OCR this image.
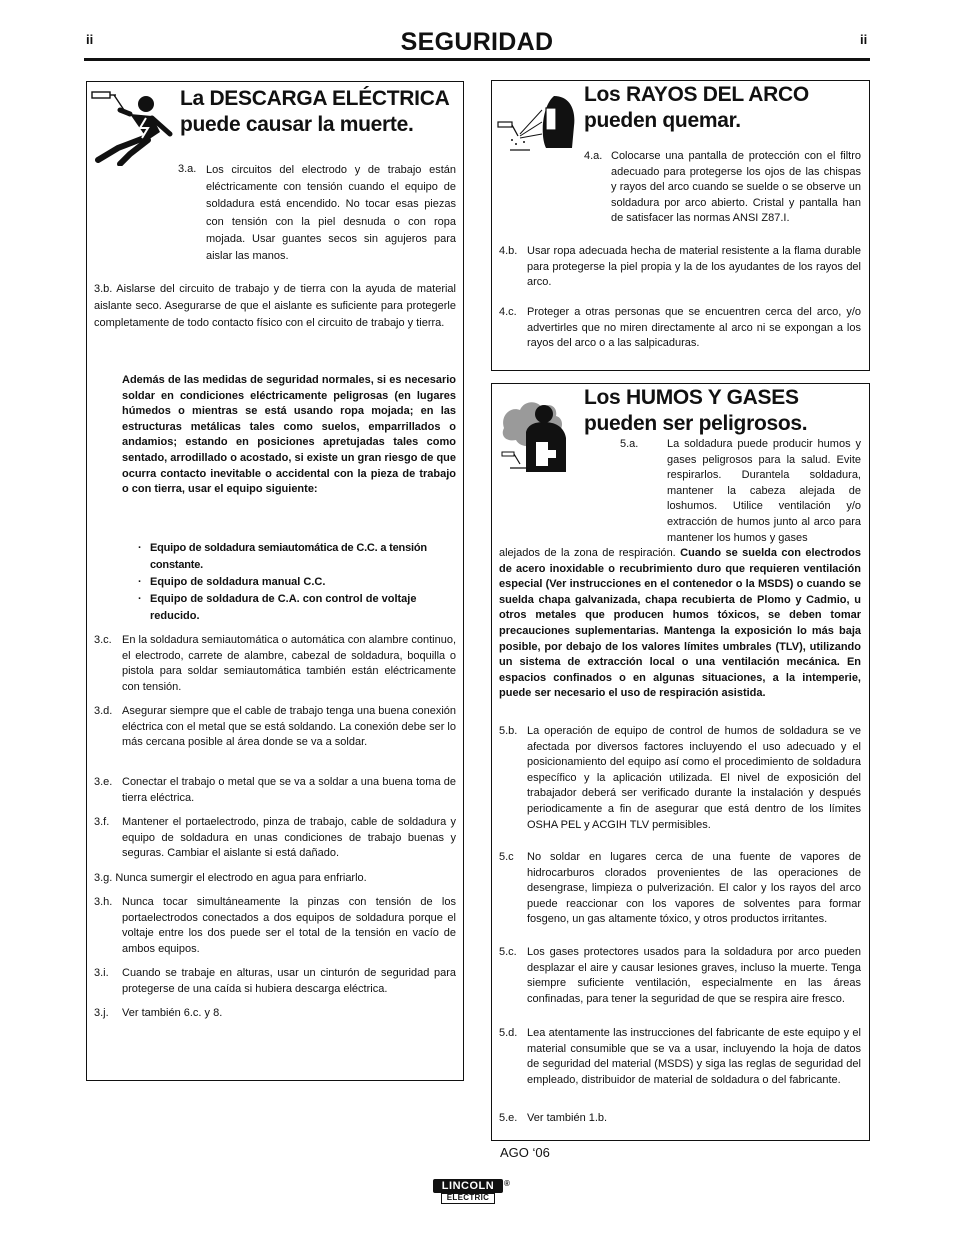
ii	ii
SEGURIDAD
La DESCARGA ELÉCTRICA
puede causar la muerte.
3.a. Los circuitos del electrodo y de trabajo están eléctricamente con tensión cuando el equipo de soldadura está encendido. No tocar esas piezas con tensión con la piel desnuda o con ropa mojada. Usar guantes secos sin agujeros para aislar las manos.
3.b. Aislarse del circuito de trabajo y de tierra con la ayuda de material aislante seco. Asegurarse de que el aislante es suficiente para protegerle completamente de todo contacto físico con el circuito de trabajo y tierra.
Además de las medidas de seguridad normales, si es necesario soldar en condiciones eléctricamente peligrosas (en lugares húmedos o mientras se está usando ropa mojada; en las estructuras metálicas tales como suelos, emparrillados o andamios; estando en posiciones apretujadas tales como sentado, arrodillado o acostado, si existe un gran riesgo de que ocurra contacto inevitable o accidental con la pieza de trabajo o con tierra, usar el equipo siguiente:
· Equipo de soldadura semiautomática de C.C. a tensión constante.
· Equipo de soldadura manual C.C.
· Equipo de soldadura de C.A. con control de voltaje reducido.
3.c. En la soldadura semiautomática o automática con alambre continuo, el electrodo, carrete de alambre, cabezal de soldadura, boquilla o pistola para soldar semiautomática también están eléctricamente con tensión.
3.d. Asegurar siempre que el cable de trabajo tenga una buena conexión eléctrica con el metal que se está soldando. La conexión debe ser lo más cercana posible al área donde se va a soldar.
3.e. Conectar el trabajo o metal que se va a soldar a una buena toma de tierra eléctrica.
3.f.	Mantener el portaelectrodo, pinza de trabajo, cable de soldadura y equipo de soldadura en unas condiciones de trabajo buenas y seguras. Cambiar el aislante si está dañado.
3.g. Nunca sumergir el electrodo en agua para enfriarlo.
3.h. Nunca tocar simultáneamente la pinzas con tensión de los portaelectrodos conectados a dos equipos de soldadura porque el voltaje entre los dos puede ser el total de la tensión en vacío de ambos equipos.
3.i.	Cuando se trabaje en alturas, usar un cinturón de seguridad para protegerse de una caída si hubiera descarga eléctrica.
3.j.	Ver también 6.c. y 8.
Los RAYOS DEL ARCO
pueden quemar.
4.a. Colocarse una pantalla de protección con el filtro adecuado para protegerse los ojos de las chispas y rayos del arco cuando se suelde o se observe un soldadura por arco abierto. Cristal y pantalla han de satisfacer las normas ANSI Z87.I.
4.b. Usar ropa adecuada hecha de material resistente a la flama durable para protegerse la piel propia y la de los ayudantes de los rayos del arco.
4.c. Proteger a otras personas que se encuentren cerca del arco, y/o advertirles que no miren directamente al arco ni se expongan a los rayos del arco o a las salpicaduras.
Los HUMOS Y GASES
pueden ser peligrosos.
5.a.	La soldadura puede producir humos y gases peligrosos para la salud. Evite respirarlos. Durantela soldadura, mantener la cabeza alejada de loshumos. Utilice ventilación y/o extracción de humos junto al arco para mantener los humos y gases
alejados de la zona de respiración. Cuando se suelda con electrodos de acero inoxidable o recubrimiento duro que requieren ventilación especial (Ver instrucciones en el contenedor o la MSDS) o cuando se suelda chapa galvanizada, chapa recubierta de Plomo y Cadmio, u otros metales que producen humos tóxicos, se deben tomar precauciones suplementarias. Mantenga la exposición lo más baja posible, por debajo de los valores límites umbrales (TLV), utilizando un sistema de extracción local o una ventilación mecánica. En espacios confinados o en algunas situaciones, a la intemperie, puede ser necesario el uso de respiración asistida.
5.b. La operación de equipo de control de humos de soldadura se ve afectada por diversos factores incluyendo el uso adecuado y el posicionamiento del equipo así como el procedimiento de soldadura específico y la aplicación utilizada. El nivel de exposición del trabajador deberá ser verificado durante la instalación y después periodicamente a fin de asegurar que está dentro de los límites OSHA PEL y ACGIH TLV permisibles.
5.c	No soldar en lugares cerca de una fuente de vapores de hidrocarburos clorados provenientes de las operaciones de desengrase, limpieza o pulverización. El calor y los rayos del arco puede reaccionar con los vapores de solventes para formar fosgeno, un gas altamente tóxico, y otros productos irritantes.
5.c. Los gases protectores usados para la soldadura por arco pueden desplazar el aire y causar lesiones graves, incluso la muerte. Tenga siempre suficiente ventilación, especialmente en las áreas confinadas, para tener la seguridad de que se respira aire fresco.
5.d. Lea atentamente las instrucciones del fabricante de este equipo y el material consumible que se va a usar, incluyendo la hoja de datos de seguridad del material (MSDS) y siga las reglas de seguridad del empleado, distribuidor de material de soldadura o del fabricante.
5.e. Ver también 1.b.
AGO ‘06
LINCOLN
ELECTRIC
®
